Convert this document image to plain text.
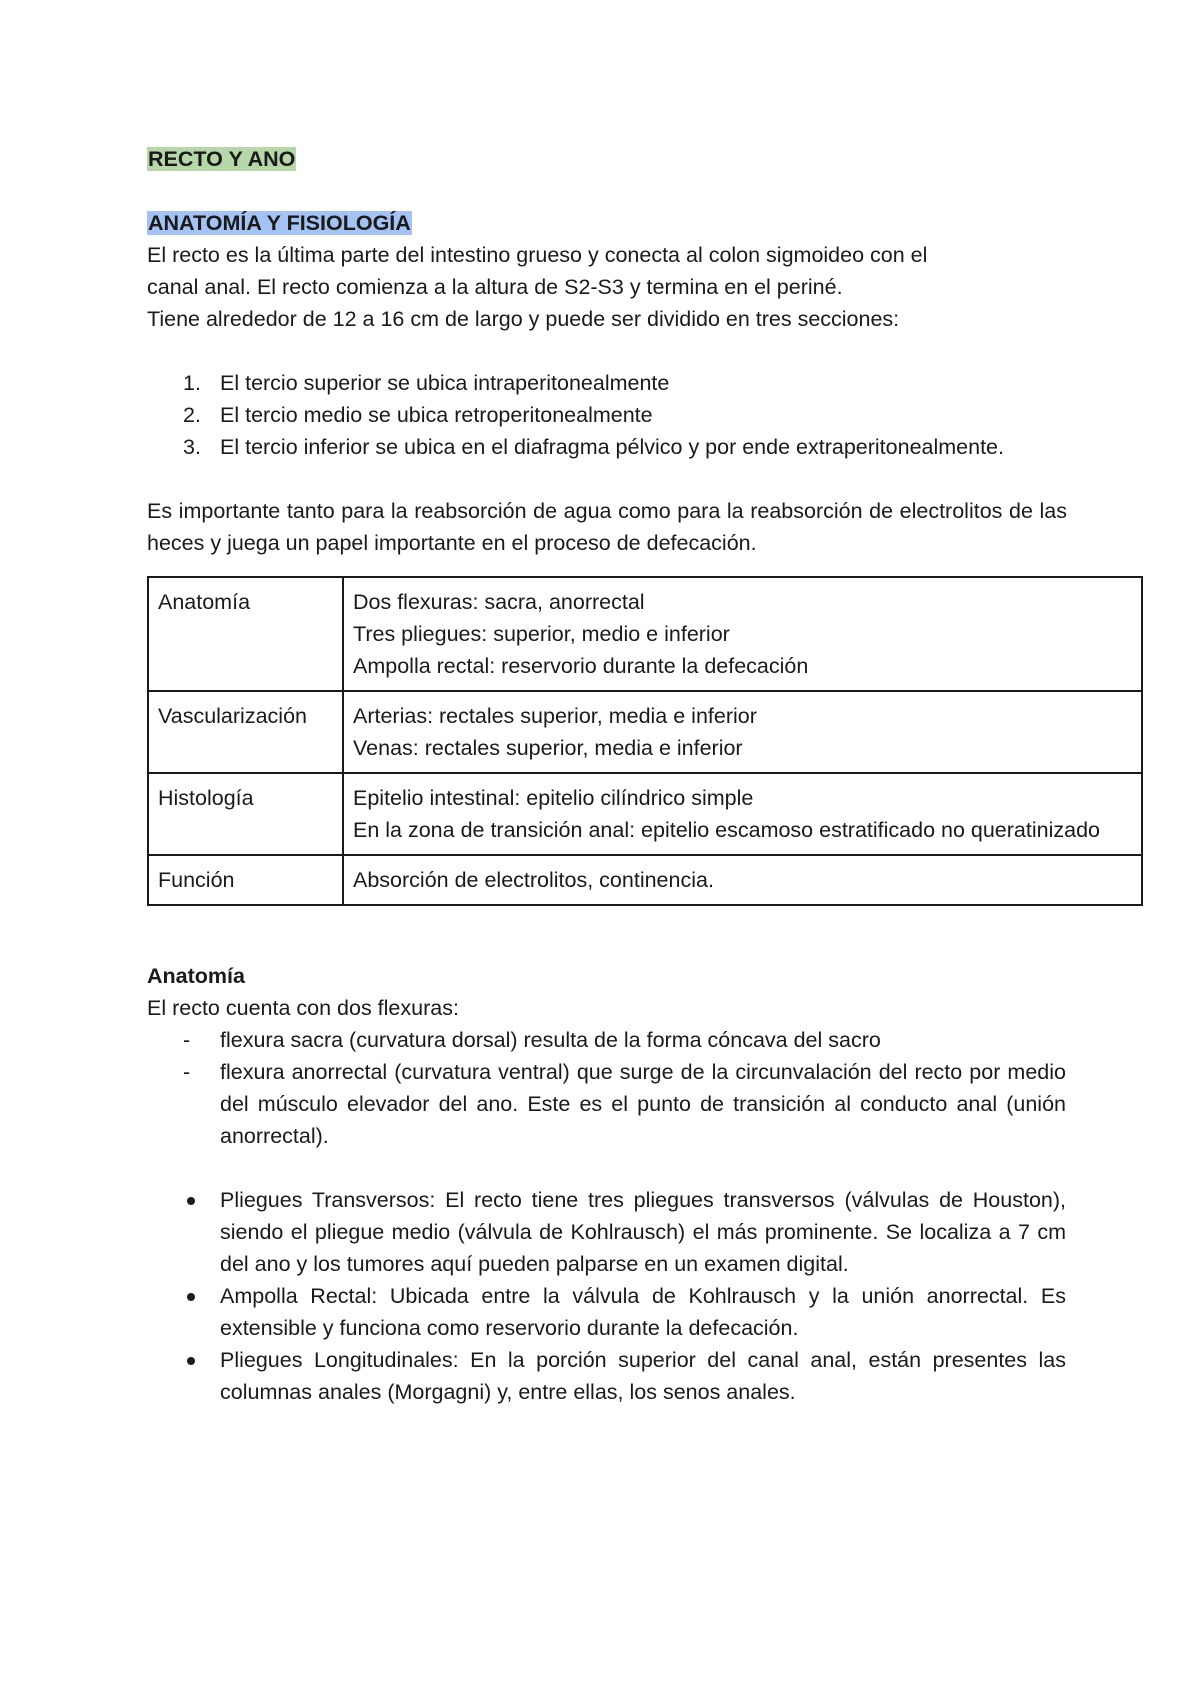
RECTO Y ANO

ANATOMÍA Y FISIOLOGÍA

El recto es la última parte del intestino grueso y conecta al colon sigmoideo con el

canal anal. El recto comienza a la altura de S2-S3 y termina en el periné.

Tiene alrededor de 12 a 16 cm de largo y puede ser dividido en tres secciones:

1. El tercio superior se ubica intraperitonealmente
2. El tercio medio se ubica retroperitonealmente
3. El tercio inferior se ubica en el diafragma pélvico y por ende extraperitonealmente.

Es importante tanto para la reabsorción de agua como para la reabsorción de electrolitos de las heces y juega un papel importante en el proceso de defecación.

Anatomía	Dos flexuras: sacra, anorrectal
Tres pliegues: superior, medio e inferior
Ampolla rectal: reservorio durante la defecación

Vascularización	Arterias: rectales superior, media e inferior
Venas: rectales superior, media e inferior

Histología	Epitelio intestinal: epitelio cilíndrico simple
En la zona de transición anal: epitelio escamoso estratificado no queratinizado

Función	Absorción de electrolitos, continencia.

Anatomía

El recto cuenta con dos flexuras:

- flexura sacra (curvatura dorsal) resulta de la forma cóncava del sacro
- flexura anorrectal (curvatura ventral) que surge de la circunvalación del recto por medio del músculo elevador del ano. Este es el punto de transición al conducto anal (unión anorrectal).
Pliegues Transversos: El recto tiene tres pliegues transversos (válvulas de Houston), siendo el pliegue medio (válvula de Kohlrausch) el más prominente. Se localiza a 7 cm del ano y los tumores aquí pueden palparse en un examen digital.
Ampolla Rectal: Ubicada entre la válvula de Kohlrausch y la unión anorrectal. Es extensible y funciona como reservorio durante la defecación.
Pliegues Longitudinales: En la porción superior del canal anal, están presentes las columnas anales (Morgagni) y, entre ellas, los senos anales.
